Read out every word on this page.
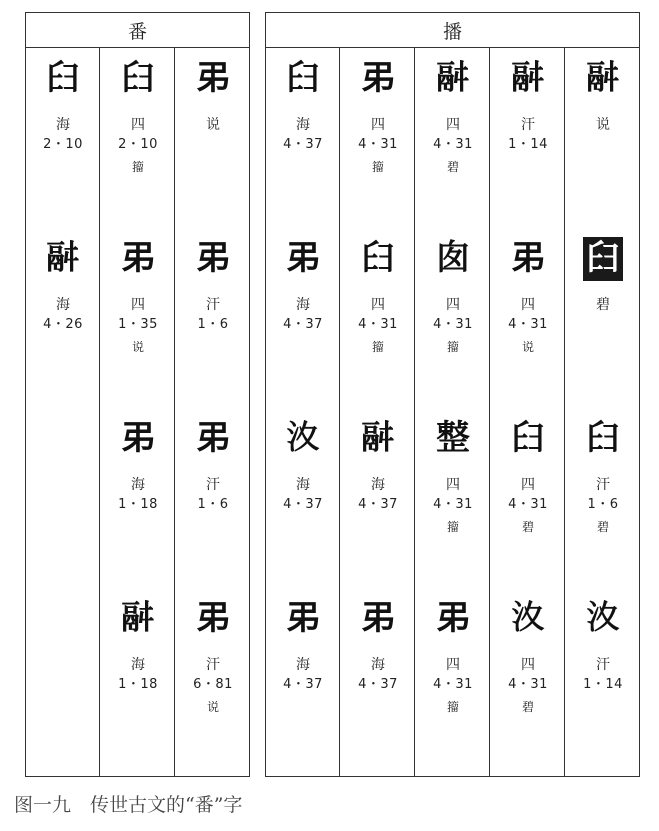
番
𦥑
海
2・10
𩰫
海
4・26
𦥑
四
2・10
籀
𢎨
四
1・35
说
𢎨
海
1・18
𩰫
海
1・18
𢎨
说
𢎨
汗
1・6
𢎨
汗
1・6
𢎨
汗
6・81
说
播
𦥑
海
4・37
𢎨
海
4・37
𣲋
海
4・37
𢎨
海
4・37
𢎨
四
4・31
籀
𦥑
四
4・31
籀
𩰫
海
4・37
𢎨
海
4・37
𩰫
四
4・31
碧
囱
四
4・31
籀
𢿫
四
4・31
籀
𢎨
四
4・31
籀
𩰫
汗
1・14
𢎨
四
4・31
说
𦥑
四
4・31
碧
𣲋
四
4・31
碧
𩰫
说
𦥑
碧
𦥑
汗
1・6
碧
𣲋
汗
1・14
图一九　传世古文的“番”字
